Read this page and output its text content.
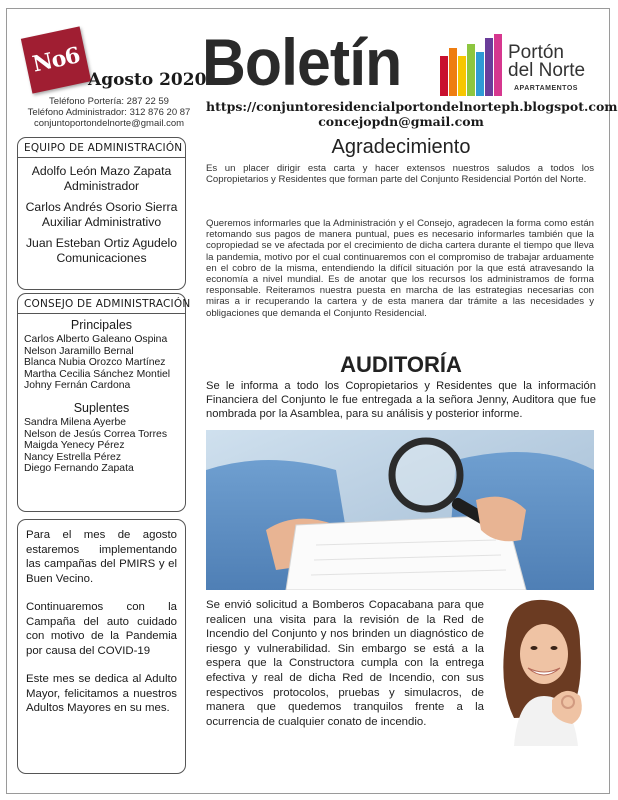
No6
Agosto 2020
Teléfono Portería: 287 22 59
Teléfono Administrador: 312 876 20 87
conjuntoportondelnorte@gmail.com
Boletín	Portón
del Norte
APARTAMENTOS
https://conjuntoresidencialportondelnorteph.blogspot.com
concejopdn@gmail.com
EQUIPO DE ADMINISTRACIÓN
Adolfo León Mazo Zapata
Administrador
Carlos Andrés Osorio Sierra
Auxiliar Administrativo
Juan Esteban Ortiz Agudelo
Comunicaciones
CONSEJO DE ADMINISTRACIÓN
Principales
Carlos Alberto Galeano Ospina
Nelson Jaramillo Bernal
Blanca Nubia Orozco Martínez
Martha Cecilia Sánchez Montiel
Johny Fernán Cardona
Suplentes
Sandra Milena Ayerbe
Nelson de Jesús Correa Torres
Maigda Yenecy Pérez
Nancy Estrella Pérez
Diego Fernando Zapata

Para el mes de agosto estaremos implementando las campañas del PMIRS y el Buen Vecino.

Continuaremos con la Campaña del auto cuidado con motivo de la Pandemia por causa del COVID-19

Este mes se dedica al Adulto Mayor, felicitamos a nuestros Adultos Mayores en su mes.

Agradecimiento

Es un placer dirigir esta carta y hacer extensos nuestros saludos a todos los Copropietarios y Residentes que forman parte del Conjunto Residencial Portón del Norte.

Queremos informarles que la Administración y el Consejo, agradecen la forma como están retomando sus pagos de manera puntual, pues es necesario informarles también que la copropiedad se ve afectada por el crecimiento de dicha cartera durante el tiempo que lleva la pandemia, motivo por el cual continuaremos con el compromiso de trabajar arduamente en el cobro de la misma, entendiendo la difícil situación por la que está atravesando la economía a nivel mundial. Es de anotar que los recursos los administramos de forma responsable. Reiteramos nuestra puesta en marcha de las estrategias necesarias con miras a ir recuperando la cartera y de esta manera dar trámite a las necesidades y obligaciones que demanda el Conjunto Residencial.

AUDITORÍA

Se le informa a todo los Copropietarios y Residentes que la información Financiera del Conjunto le fue entregada a la señora Jenny, Auditora que fue nombrada por la Asamblea, para su análisis y posterior informe.

Se envió solicitud a Bomberos Copacabana para que realicen una visita para la revisión de la Red de Incendio del Conjunto y nos brinden un diagnóstico de riesgo y vulnerabilidad. Sin embargo se está a la espera que la Constructora cumpla con la entrega efectiva y real de dicha Red de Incendio, con sus respectivos protocolos, pruebas y simulacros, de manera que quedemos tranquilos frente a la ocurrencia de cualquier conato de incendio.
